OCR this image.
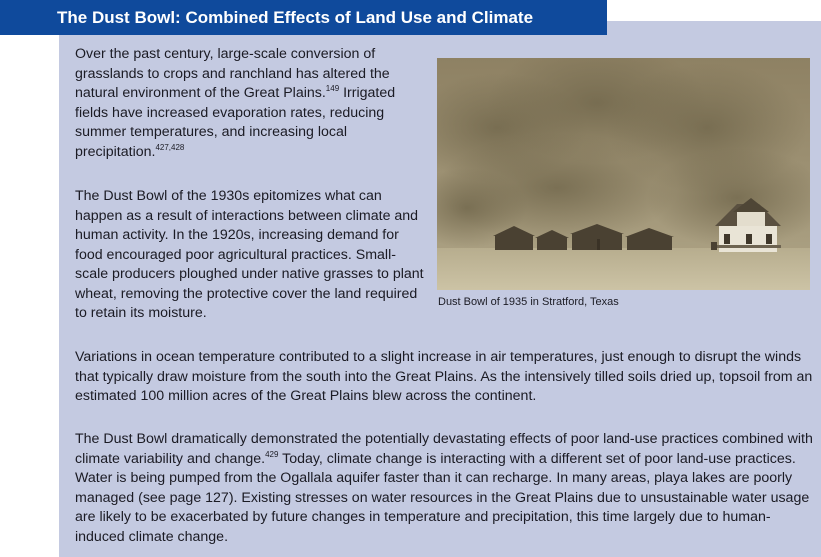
The Dust Bowl: Combined Effects of Land Use and Climate

Over the past century, large-scale conversion of grasslands to crops and ranchland has altered the natural environment of the Great Plains.$^{149}$ Irrigated fields have increased evaporation rates, reducing summer temperatures, and increasing local precipitation.$^{427,428}$

The Dust Bowl of the 1930s epitomizes what can happen as a result of interactions between climate and human activity. In the 1920s, increasing demand for food encouraged poor agricultural practices. Small-scale producers ploughed under native grasses to plant wheat, removing the protective cover the land required to retain its moisture.

Variations in ocean temperature contributed to a slight increase in air temperatures, just enough to disrupt the winds that typically draw moisture from the south into the Great Plains. As the intensively tilled soils dried up, topsoil from an estimated 100 million acres of the Great Plains blew across the continent.

The Dust Bowl dramatically demonstrated the potentially devastating effects of poor land-use practices combined with climate variability and change.$^{429}$ Today, climate change is interacting with a different set of poor land-use practices. Water is being pumped from the Ogallala aquifer faster than it can recharge. In many areas, playa lakes are poorly managed (see page 127). Existing stresses on water resources in the Great Plains due to unsustainable water usage are likely to be exacerbated by future changes in temperature and precipitation, this time largely due to human-induced climate change.

Dust Bowl of 1935 in Stratford, Texas
